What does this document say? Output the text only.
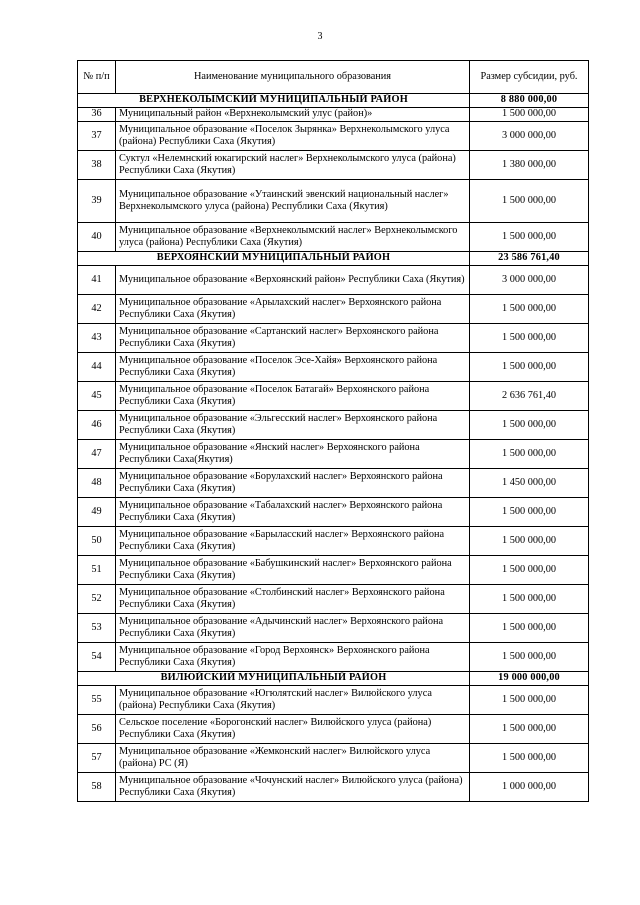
3
№ п/п	Наименование муниципального образования	Размер субсидии, руб.
ВЕРХНЕКОЛЫМСКИЙ МУНИЦИПАЛЬНЫЙ РАЙОН		8 880 000,00
36	Муниципальный район «Верхнеколымский улус (район)»	1 500 000,00
37	Муниципальное образование «Поселок Зырянка» Верхнеколымского улуса (района) Республики Саха (Якутия)	3 000 000,00
38	Суктул «Нелемнский юкагирский наслег» Верхнеколымского улуса (района) Республики Саха (Якутия)	1 380 000,00
39	Муниципальное образование «Утаинский эвенский национальный наслег» Верхнеколымского улуса (района) Республики Саха (Якутия)	1 500 000,00
40	Муниципальное образование «Верхнеколымский наслег» Верхнеколымского улуса (района) Республики Саха (Якутия)	1 500 000,00
ВЕРХОЯНСКИЙ МУНИЦИПАЛЬНЫЙ РАЙОН		23 586 761,40
41	Муниципальное образование «Верхоянский район» Республики Саха (Якутия)	3 000 000,00
42	Муниципальное образование «Арылахский наслег» Верхоянского района Республики Саха (Якутия)	1 500 000,00
43	Муниципальное образование «Сартанский наслег» Верхоянского района Республики Саха (Якутия)	1 500 000,00
44	Муниципальное образование «Поселок Эсе-Хайя» Верхоянского района Республики Саха (Якутия)	1 500 000,00
45	Муниципальное образование «Поселок Батагай» Верхоянского района Республики Саха (Якутия)	2 636 761,40
46	Муниципальное образование «Эльгесский наслег» Верхоянского района Республики Саха (Якутия)	1 500 000,00
47	Муниципальное образование «Янский наслег» Верхоянского района Республики Саха(Якутия)	1 500 000,00
48	Муниципальное образование «Борулахский наслег» Верхоянского района Республики Саха (Якутия)	1 450 000,00
49	Муниципальное образование «Табалахский наслег» Верхоянского района Республики Саха (Якутия)	1 500 000,00
50	Муниципальное образование «Барыласский наслег» Верхоянского района Республики Саха (Якутия)	1 500 000,00
51	Муниципальное образование «Бабушкинский наслег» Верхоянского района Республики Саха (Якутия)	1 500 000,00
52	Муниципальное образование «Столбинский наслег» Верхоянского района Республики Саха (Якутия)	1 500 000,00
53	Муниципальное образование «Адычинский наслег» Верхоянского района Республики Саха (Якутия)	1 500 000,00
54	Муниципальное образование «Город Верхоянск» Верхоянского района Республики Саха (Якутия)	1 500 000,00
ВИЛЮЙСКИЙ МУНИЦИПАЛЬНЫЙ РАЙОН		19 000 000,00
55	Муниципальное образование «Югюлятский наслег» Вилюйского улуса (района) Республики Саха (Якутия)	1 500 000,00
56	Сельское поселение «Борогонский наслег» Вилюйского улуса (района) Республики Саха (Якутия)	1 500 000,00
57	Муниципальное образование «Жемконский наслег» Вилюйского улуса (района) РС (Я)	1 500 000,00
58	Муниципальное образование «Чочунский наслег» Вилюйского улуса (района) Республики Саха (Якутия)	1 000 000,00
